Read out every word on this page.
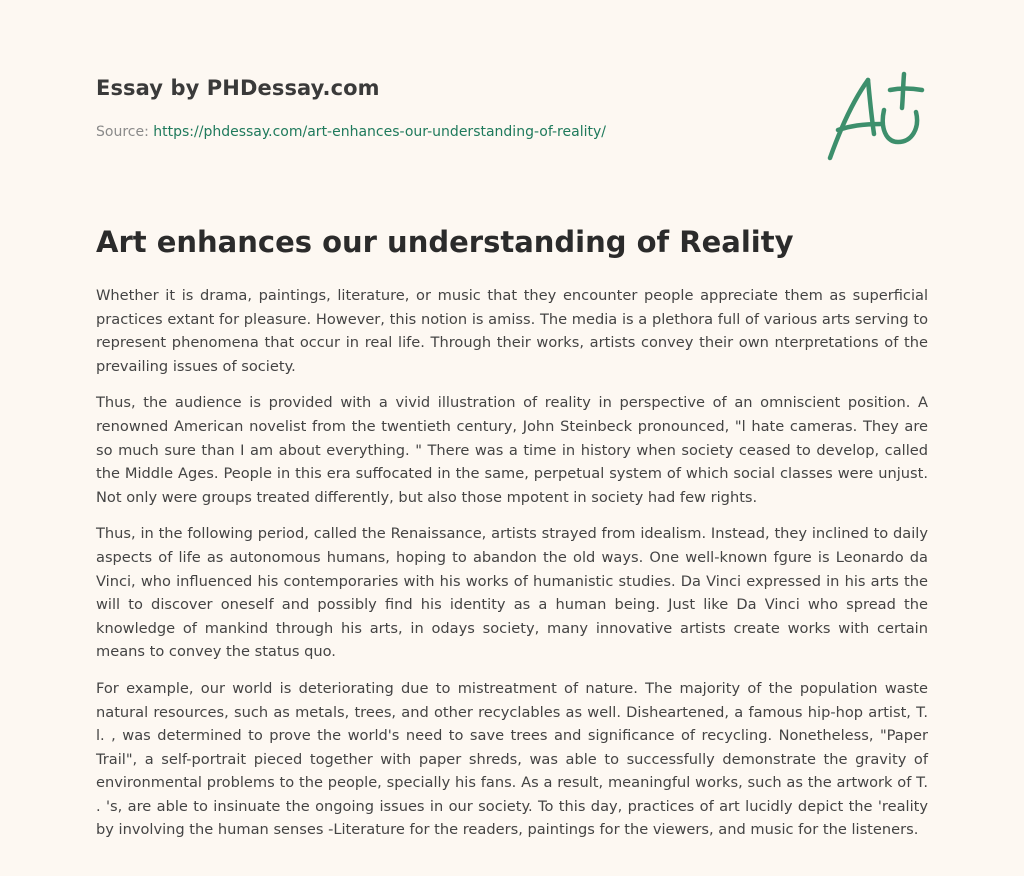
Essay by PHDessay.com

Source: https://phdessay.com/art-enhances-our-understanding-of-reality/

Art enhances our understanding of Reality

Whether it is drama, paintings, literature, or music that they encounter people appreciate them as superficial practices extant for pleasure. However, this notion is amiss. The media is a plethora full of various arts serving to represent phenomena that occur in real life. Through their works, artists convey their own nterpretations of the prevailing issues of society.

Thus, the audience is provided with a vivid illustration of reality in perspective of an omniscient position. A renowned American novelist from the twentieth century, John Steinbeck pronounced, "l hate cameras. They are so much sure than I am about everything. " There was a time in history when society ceased to develop, called the Middle Ages. People in this era suffocated in the same, perpetual system of which social classes were unjust. Not only were groups treated differently, but also those mpotent in society had few rights.

Thus, in the following period, called the Renaissance, artists strayed from idealism. Instead, they inclined to daily aspects of life as autonomous humans, hoping to abandon the old ways. One well-known fgure is Leonardo da Vinci, who influenced his contemporaries with his works of humanistic studies. Da Vinci expressed in his arts the will to discover oneself and possibly find his identity as a human being. Just like Da Vinci who spread the knowledge of mankind through his arts, in odays society, many innovative artists create works with certain means to convey the status quo.

For example, our world is deteriorating due to mistreatment of nature. The majority of the population waste natural resources, such as metals, trees, and other recyclables as well. Disheartened, a famous hip-hop artist, T. l. , was determined to prove the world's need to save trees and significance of recycling. Nonetheless, "Paper Trail", a self-portrait pieced together with paper shreds, was able to successfully demonstrate the gravity of environmental problems to the people, specially his fans. As a result, meaningful works, such as the artwork of T. . 's, are able to insinuate the ongoing issues in our society. To this day, practices of art lucidly depict the 'reality by involving the human senses -Literature for the readers, paintings for the viewers, and music for the listeners.
